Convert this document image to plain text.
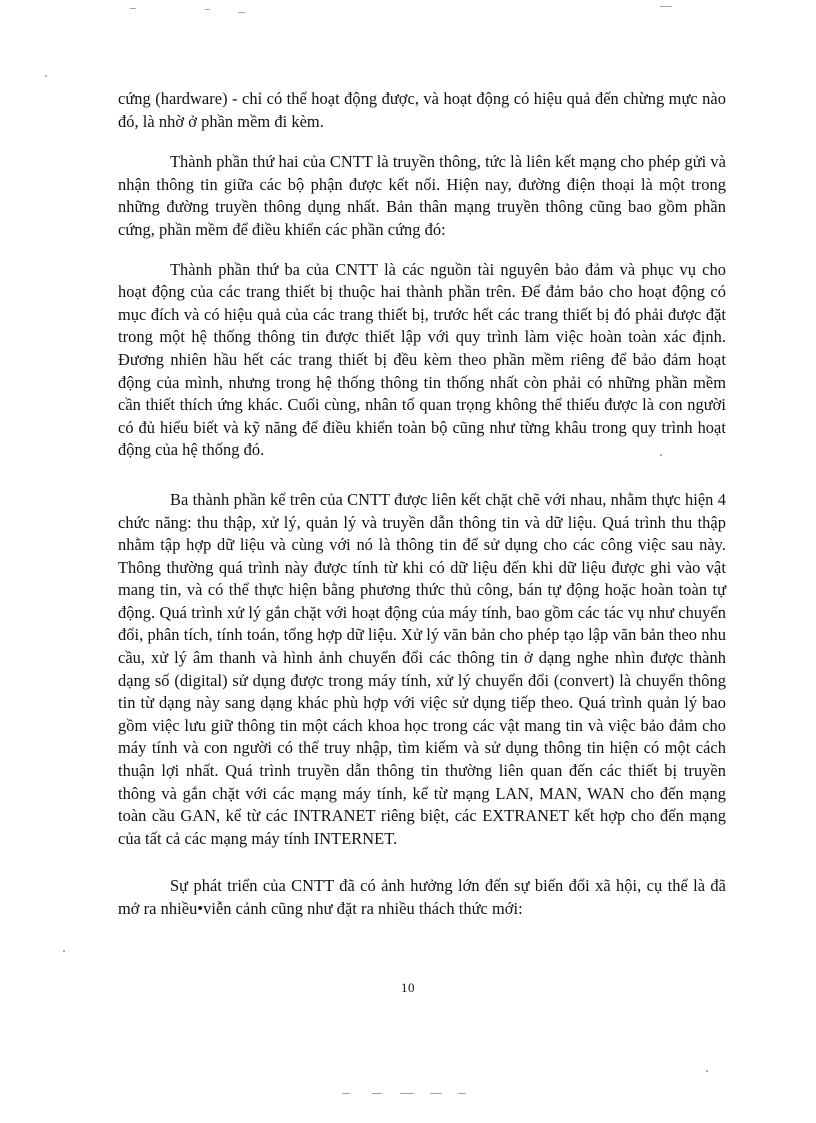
cứng (hardware) - chỉ có thể hoạt động được, và hoạt động có hiệu quả đến chừng mực nào đó, là nhờ ở phần mềm đi kèm.

Thành phần thứ hai của CNTT là truyền thông, tức là liên kết mạng cho phép gửi và nhận thông tin giữa các bộ phận được kết nối. Hiện nay, đường điện thoại là một trong những đường truyền thông dụng nhất. Bản thân mạng truyền thông cũng bao gồm phần cứng, phần mềm để điều khiển các phần cứng đó:

Thành phần thứ ba của CNTT là các nguồn tài nguyên bảo đảm và phục vụ cho hoạt động của các trang thiết bị thuộc hai thành phần trên. Để đảm bảo cho hoạt động có mục đích và có hiệu quả của các trang thiết bị, trước hết các trang thiết bị đó phải được đặt trong một hệ thống thông tin được thiết lập với quy trình làm việc hoàn toàn xác định. Đương nhiên hầu hết các trang thiết bị đều kèm theo phần mềm riêng để bảo đảm hoạt động của mình, nhưng trong hệ thống thông tin thống nhất còn phải có những phần mềm cần thiết thích ứng khác. Cuối cùng, nhân tố quan trọng không thể thiếu được là con người có đủ hiểu biết và kỹ năng để điều khiển toàn bộ cũng như từng khâu trong quy trình hoạt động của hệ thống đó.

Ba thành phần kể trên của CNTT được liên kết chặt chẽ với nhau, nhằm thực hiện 4 chức năng: thu thập, xử lý, quản lý và truyền dẫn thông tin và dữ liệu. Quá trình thu thập nhằm tập hợp dữ liệu và cùng với nó là thông tin để sử dụng cho các công việc sau này. Thông thường quá trình này được tính từ khi có dữ liệu đến khi dữ liệu được ghi vào vật mang tin, và có thể thực hiện bằng phương thức thủ công, bán tự động hoặc hoàn toàn tự động. Quá trình xử lý gắn chặt với hoạt động của máy tính, bao gồm các tác vụ như chuyển đổi, phân tích, tính toán, tổng hợp dữ liệu. Xử lý văn bản cho phép tạo lập văn bản theo nhu cầu, xử lý âm thanh và hình ảnh chuyển đổi các thông tin ở dạng nghe nhìn được thành dạng số (digital) sử dụng được trong máy tính, xử lý chuyển đổi (convert) là chuyển thông tin từ dạng này sang dạng khác phù hợp với việc sử dụng tiếp theo. Quá trình quản lý bao gồm việc lưu giữ thông tin một cách khoa học trong các vật mang tin và việc bảo đảm cho máy tính và con người có thể truy nhập, tìm kiếm và sử dụng thông tin hiện có một cách thuận lợi nhất. Quá trình truyền dẫn thông tin thường liên quan đến các thiết bị truyền thông và gắn chặt với các mạng máy tính, kể từ mạng LAN, MAN, WAN cho đến mạng toàn cầu GAN, kể từ các INTRANET riêng biệt, các EXTRANET kết hợp cho đến mạng của tất cả các mạng máy tính INTERNET.

Sự phát triển của CNTT đã có ảnh hưởng lớn đến sự biến đổi xã hội, cụ thể là đã mở ra nhiều•viễn cảnh cũng như đặt ra nhiều thách thức mới:

10
